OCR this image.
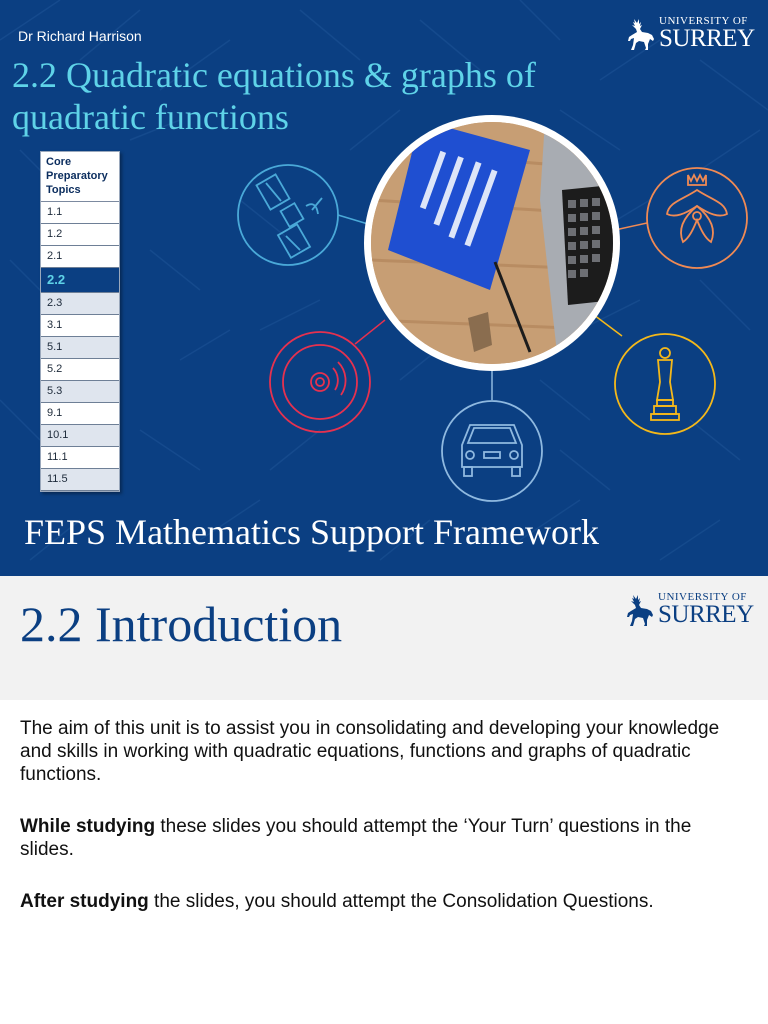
Dr Richard Harrison
UNIVERSITY OF
SURREY
2.2 Quadratic equations & graphs of quadratic functions
Core Preparatory Topics
1.1
1.2
2.1
2.2
2.3
3.1
5.1
5.2
5.3
9.1
10.1
11.1
11.5
FEPS Mathematics Support Framework
2.2 Introduction	UNIVERSITY OF
SURREY

The aim of this unit is to assist you in consolidating and developing your knowledge and skills in working with quadratic equations, functions and graphs of quadratic functions.

While studying these slides you should attempt the ‘Your Turn’ questions in the slides.

After studying the slides, you should attempt the Consolidation Questions.
